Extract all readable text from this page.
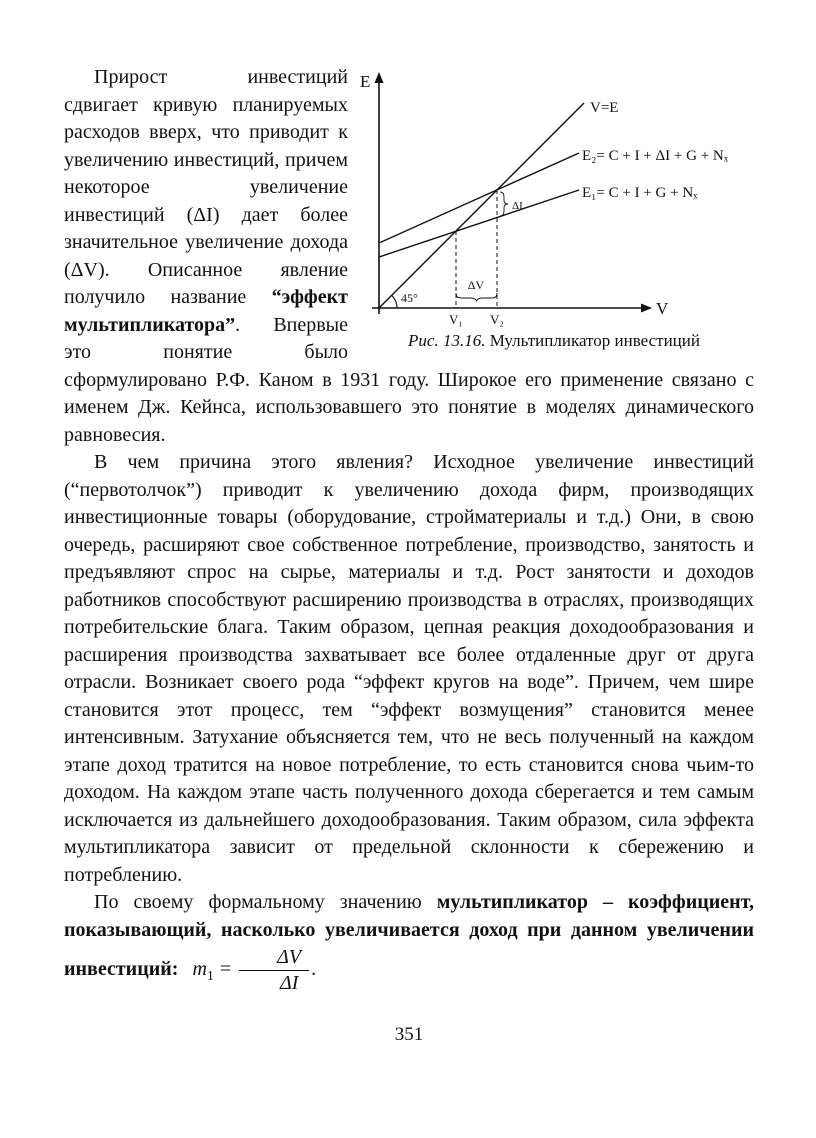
E
V
V=E
E₂= C + I + ΔI + G + Nₓ
E₁= C + I + G + Nₓ
ΔI
ΔV
V₁ V₂
45°
Рис. 13.16. Мультипликатор инвестиций

Прирост инвестиций сдвигает кривую планируемых расходов вверх, что приводит к увеличению инвестиций, причем некоторое увеличение инвестиций (ΔI) дает более значительное увеличение дохода (ΔV). Описанное явление получило название “эффект мультипликатора”. Впервые это понятие было сформулировано Р.Ф. Каном в 1931 году. Широкое его применение связано с именем Дж. Кейнса, использовавшего это понятие в моделях динамического равновесия.

В чем причина этого явления? Исходное увеличение инвестиций (“первотолчок”) приводит к увеличению дохода фирм, производящих инвестиционные товары (оборудование, стройматериалы и т.д.) Они, в свою очередь, расширяют свое собственное потребление, производство, занятость и предъявляют спрос на сырье, материалы и т.д. Рост занятости и доходов работников способствуют расширению производства в отраслях, производящих потребительские блага. Таким образом, цепная реакция доходообразования и расширения производства захватывает все более отдаленные друг от друга отрасли. Возникает своего рода “эффект кругов на воде”. Причем, чем шире становится этот процесс, тем “эффект возмущения” становится менее интенсивным. Затухание объясняется тем, что не весь полученный на каждом этапе доход тратится на новое потребление, то есть становится снова чьим-то доходом. На каждом этапе часть полученного дохода сберегается и тем самым исключается из дальнейшего доходообразования. Таким образом, сила эффекта мультипликатора зависит от предельной склонности к сбережению и потреблению.

По своему формальному значению мультипликатор – коэффициент, показывающий, насколько увеличивается доход при данном увеличении инвестиций: $m_1 = \frac{\Delta V}{\Delta I}$ .

351
